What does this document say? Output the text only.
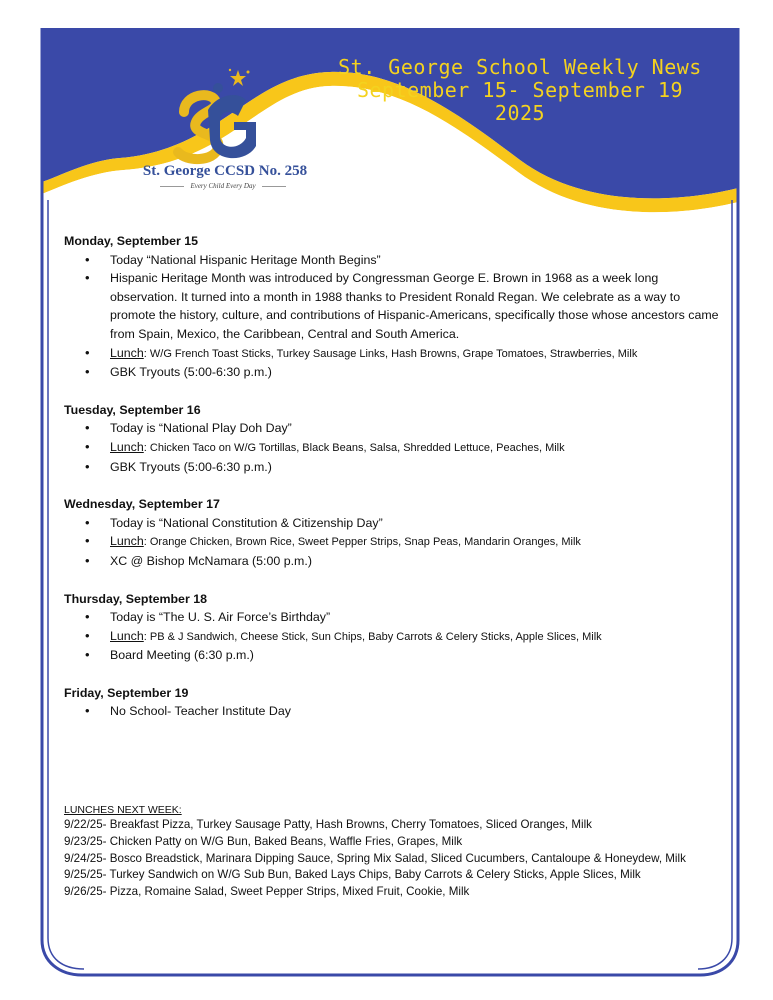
St. George CCSD No. 258
Every Child Every Day
St. George School Weekly News
September 15- September 19
2025
Monday, September 15
• Today “National Hispanic Heritage Month Begins”
• Hispanic Heritage Month was introduced by Congressman George E. Brown in 1968 as a week long observation. It turned into a month in 1988 thanks to President Ronald Regan. We celebrate as a way to promote the history, culture, and contributions of Hispanic-Americans, specifically those whose ancestors came from Spain, Mexico, the Caribbean, Central and South America.
• Lunch: W/G French Toast Sticks, Turkey Sausage Links, Hash Browns, Grape Tomatoes, Strawberries, Milk
• GBK Tryouts (5:00-6:30 p.m.)
Tuesday, September 16
• Today is “National Play Doh Day”
• Lunch: Chicken Taco on W/G Tortillas, Black Beans, Salsa, Shredded Lettuce, Peaches, Milk
• GBK Tryouts (5:00-6:30 p.m.)
Wednesday, September 17
• Today is “National Constitution & Citizenship Day”
• Lunch: Orange Chicken, Brown Rice, Sweet Pepper Strips, Snap Peas, Mandarin Oranges, Milk
• XC @ Bishop McNamara (5:00 p.m.)
Thursday, September 18
• Today is “The U. S. Air Force’s Birthday”
• Lunch: PB & J Sandwich, Cheese Stick, Sun Chips, Baby Carrots & Celery Sticks, Apple Slices, Milk
• Board Meeting (6:30 p.m.)
Friday, September 19
• No School- Teacher Institute Day
LUNCHES NEXT WEEK:
9/22/25- Breakfast Pizza, Turkey Sausage Patty, Hash Browns, Cherry Tomatoes, Sliced Oranges, Milk
9/23/25- Chicken Patty on W/G Bun, Baked Beans, Waffle Fries, Grapes, Milk
9/24/25- Bosco Breadstick, Marinara Dipping Sauce, Spring Mix Salad, Sliced Cucumbers, Cantaloupe & Honeydew, Milk
9/25/25- Turkey Sandwich on W/G Sub Bun, Baked Lays Chips, Baby Carrots & Celery Sticks, Apple Slices, Milk
9/26/25- Pizza, Romaine Salad, Sweet Pepper Strips, Mixed Fruit, Cookie, Milk
